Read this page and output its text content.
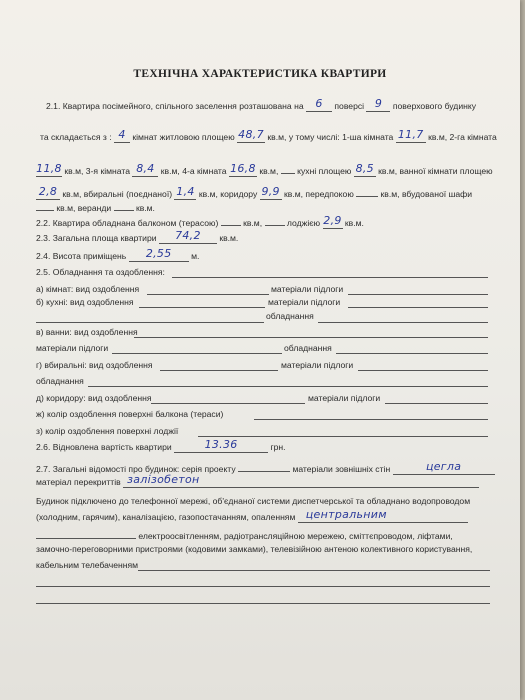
ТЕХНІЧНА ХАРАКТЕРИСТИКА КВАРТИРИ
2.1. Квартира посімейного, спільного заселення розташована на 6 поверсі 9 поверхового будинку
та складається з : 4 кімнат житловою площею 48,7 кв.м, у тому числі: 1-ша кімната 11,7 кв.м, 2-га кімната
11,8 кв.м, 3-я кімната 8,4 кв.м, 4-а кімната 16,8 кв.м, кухні площею 8,5 кв.м, ванної кімнати площею
2,8 кв.м, вбиральні (поєднаної) 1,4 кв.м, коридору 9,9 кв.м, передпокою	кв.м, вбудованої шафи
кв.м, веранди	кв.м.
2.2. Квартира обладнана балконом (терасою)	кв.м,	лоджією 2,9 кв.м.
2.3. Загальна площа квартири 74,2 кв.м.
2.4. Висота приміщень 2,55 м.
2.5. Обладнання та оздоблення:
а) кімнат: вид оздоблення	матеріали підлоги
б) кухні: вид оздоблення	матеріали підлоги
обладнання
в) ванни: вид оздоблення
матеріали підлоги	обладнання
г) вбиральні: вид оздоблення	матеріали підлоги
обладнання
д) коридору: вид оздоблення	матеріали підлоги
ж) колір оздоблення поверхні балкона (тераси)
з) колір оздоблення поверхні лоджії
2.6. Відновлена вартість квартири	13.36	грн.
2.7. Загальні відомості про будинок: серія проекту	матеріали зовнішніх стін	цегла
матеріал перекриттів залізобетон
Будинок підключено до телефонної мережі, об'єднаної системи диспетчерської та обладнано водопроводом
(холодним, гарячим), каналізацією, газопостачанням, опаленням центральним
електроосвітленням, радіотрансляційною мережею, сміттєпроводом, ліфтами,
замочно-переговорними пристроями (кодовими замками), телевізійною антеною колективного користування,
кабельним телебаченням
